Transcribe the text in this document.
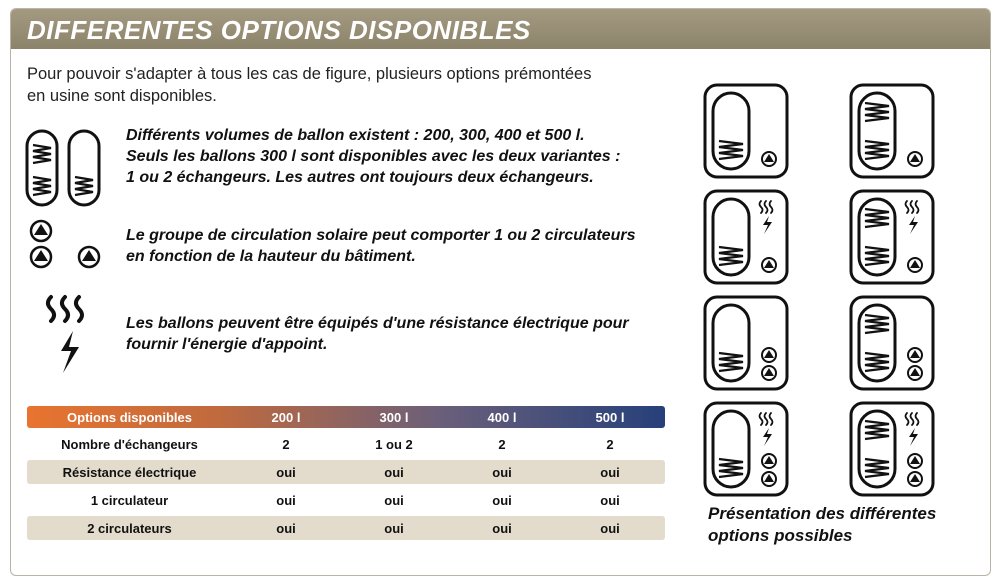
DIFFERENTES OPTIONS DISPONIBLES
Pour pouvoir s'adapter à tous les cas de figure, plusieurs options prémontées
en usine sont disponibles.
Différents volumes de ballon existent : 200, 300, 400 et 500 l.
Seuls les ballons 300 l sont disponibles avec les deux variantes :
1 ou 2 échangeurs. Les autres ont toujours deux échangeurs.
Le groupe de circulation solaire peut comporter 1 ou 2 circulateurs
en fonction de la hauteur du bâtiment.
Les ballons peuvent être équipés d'une résistance électrique pour
fournir l'énergie d'appoint.
Options disponibles	200 l	300 l	400 l	500 l
Nombre d'échangeurs	2	1 ou 2	2	2
Résistance électrique	oui	oui	oui	oui
1 circulateur	oui	oui	oui	oui
2 circulateurs	oui	oui	oui	oui
Présentation des différentes
options possibles
